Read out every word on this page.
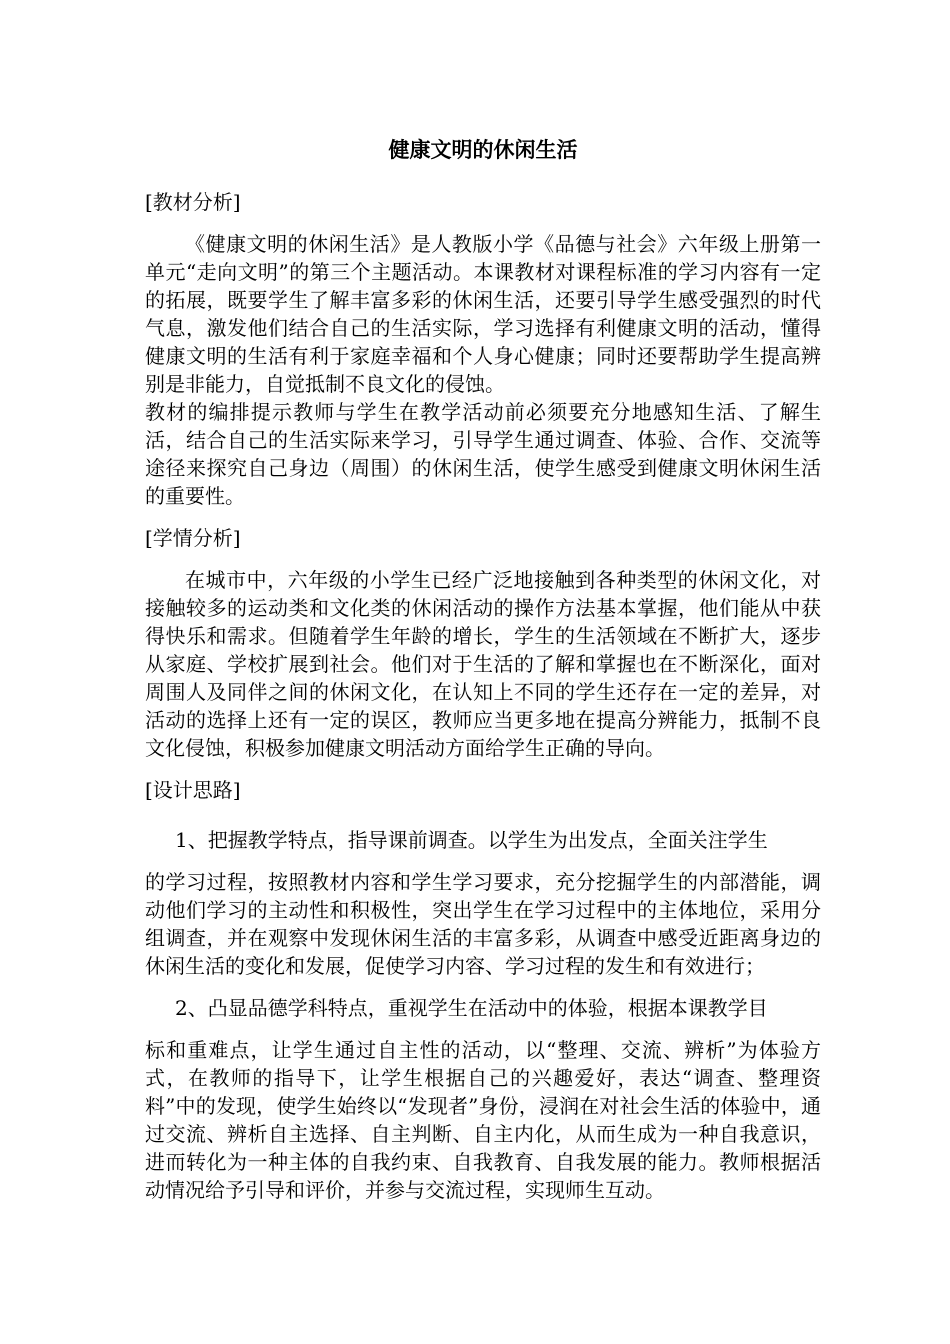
健康文明的休闲生活

[教材分析]

《健康文明的休闲生活》是人教版小学《品德与社会》六年级上册第一单元“走向文明”的第三个主题活动。本课教材对课程标准的学习内容有一定的拓展，既要学生了解丰富多彩的休闲生活，还要引导学生感受强烈的时代气息，激发他们结合自己的生活实际，学习选择有利健康文明的活动，懂得健康文明的生活有利于家庭幸福和个人身心健康；同时还要帮助学生提高辨别是非能力，自觉抵制不良文化的侵蚀。

教材的编排提示教师与学生在教学活动前必须要充分地感知生活、了解生活，结合自己的生活实际来学习，引导学生通过调查、体验、合作、交流等途径来探究自己身边（周围）的休闲生活，使学生感受到健康文明休闲生活的重要性。

[学情分析]

在城市中，六年级的小学生已经广泛地接触到各种类型的休闲文化，对接触较多的运动类和文化类的休闲活动的操作方法基本掌握，他们能从中获得快乐和需求。但随着学生年龄的增长，学生的生活领域在不断扩大，逐步从家庭、学校扩展到社会。他们对于生活的了解和掌握也在不断深化，面对周围人及同伴之间的休闲文化，在认知上不同的学生还存在一定的差异，对活动的选择上还有一定的误区，教师应当更多地在提高分辨能力，抵制不良文化侵蚀，积极参加健康文明活动方面给学生正确的导向。

[设计思路]

1、把握教学特点，指导课前调查。以学生为出发点，全面关注学生

的学习过程，按照教材内容和学生学习要求，充分挖掘学生的内部潜能，调动他们学习的主动性和积极性，突出学生在学习过程中的主体地位，采用分组调查，并在观察中发现休闲生活的丰富多彩，从调查中感受近距离身边的休闲生活的变化和发展，促使学习内容、学习过程的发生和有效进行；

2、凸显品德学科特点，重视学生在活动中的体验，根据本课教学目

标和重难点，让学生通过自主性的活动，以“整理、交流、辨析”为体验方式，在教师的指导下，让学生根据自己的兴趣爱好，表达“调查、整理资料”中的发现，使学生始终以“发现者”身份，浸润在对社会生活的体验中，通过交流、辨析自主选择、自主判断、自主内化，从而生成为一种自我意识，进而转化为一种主体的自我约束、自我教育、自我发展的能力。教师根据活动情况给予引导和评价，并参与交流过程，实现师生互动。
